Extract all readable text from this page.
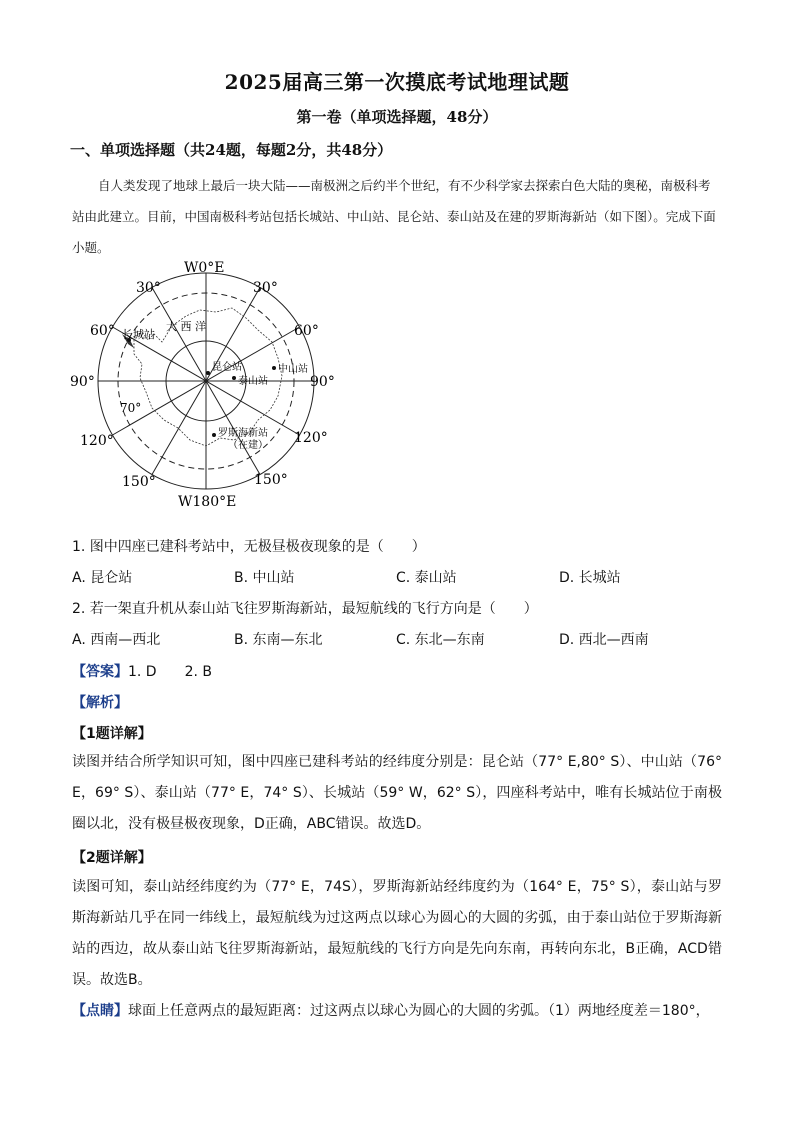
2025届高三第一次摸底考试地理试题
第一卷（单项选择题，48分）
一、单项选择题（共24题，每题2分，共48分）
自人类发现了地球上最后一块大陆——南极洲之后约半个世纪，有不少科学家去探索白色大陆的奥秘，南极科考站由此建立。目前，中国南极科考站包括长城站、中山站、昆仑站、泰山站及在建的罗斯海新站（如下图）。完成下面小题。
W0°E
W180°E
30°	30°
60°	60°
90°	90°
120°	120°
150°	150°
70°
大 西 洋
长城站
昆仑站	中山站
泰山站
罗斯海新站
（在建）
1. 图中四座已建科考站中，无极昼极夜现象的是（　　）
A. 昆仑站	B. 中山站	C. 泰山站	D. 长城站
2. 若一架直升机从泰山站飞往罗斯海新站，最短航线的飞行方向是（　　）
A. 西南—西北	B. 东南—东北	C. 东北—东南	D. 西北—西南
【答案】1. D　　2. B
【解析】
【1题详解】
读图并结合所学知识可知，图中四座已建科考站的经纬度分别是：昆仑站（77° E,80° S）、中山站（76° E，69° S）、泰山站（77° E，74° S）、长城站（59° W，62° S），四座科考站中，唯有长城站位于南极圈以北，没有极昼极夜现象，D正确，ABC错误。故选D。
【2题详解】
读图可知，泰山站经纬度约为（77° E，74S），罗斯海新站经纬度约为（164° E，75° S），泰山站与罗斯海新站几乎在同一纬线上，最短航线为过这两点以球心为圆心的大圆的劣弧，由于泰山站位于罗斯海新站的西边，故从泰山站飞往罗斯海新站，最短航线的飞行方向是先向东南，再转向东北，B正确，ACD错误。故选B。
【点睛】球面上任意两点的最短距离：过这两点以球心为圆心的大圆的劣弧。（1）两地经度差＝180°，
